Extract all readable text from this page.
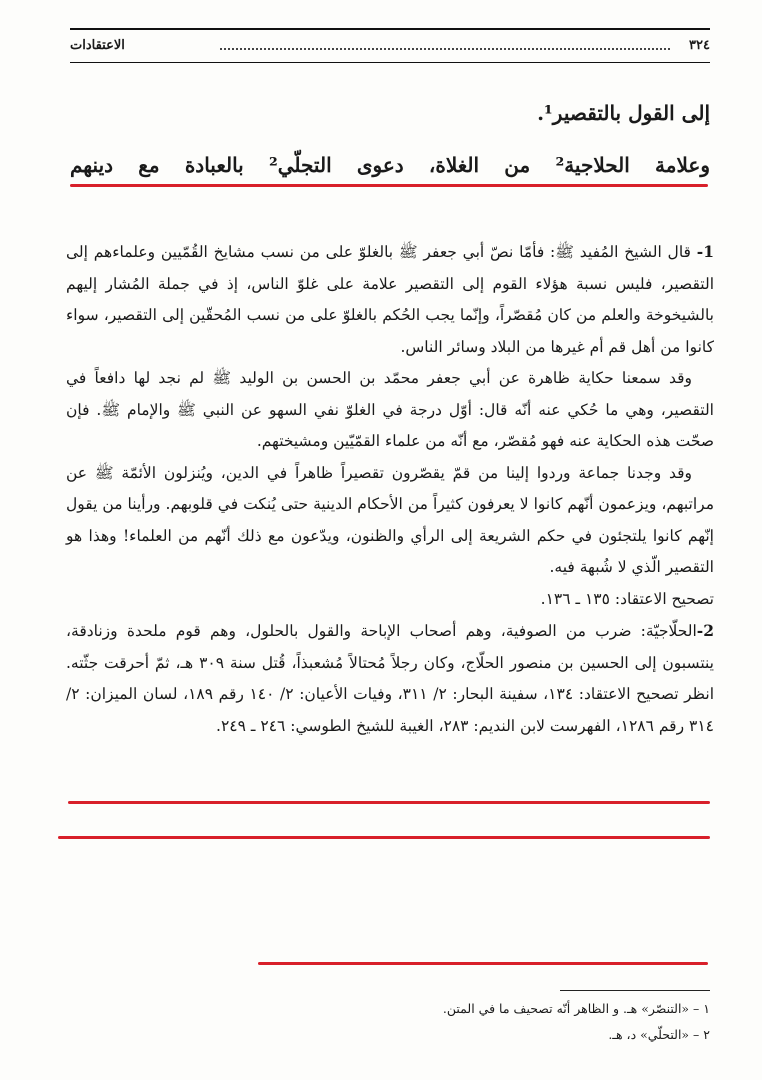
٣٢٤
الاعتقادات
إلى القول بالتقصير¹.
وعلامة الحلاجية² من الغلاة، دعوى التجلّي² بالعبادة مع دينهم

1- قال الشيخ المُفيد ﷺ: فأمّا نصّ أبي جعفر ﷺ بالغلوّ على من نسب مشايخ القُمّيين وعلماءهم إلى التقصير، فليس نسبة هؤلاء القوم إلى التقصير علامة على غلوّ الناس، إذ في جملة المُشار إليهم بالشيخوخة والعلم من كان مُقصّراً، وإنّما يجب الحُكم بالغلوّ على من نسب المُحقّين إلى التقصير، سواء كانوا من أهل قم أم غيرها من البلاد وسائر الناس.

وقد سمعنا حكاية ظاهرة عن أبي جعفر محمّد بن الحسن بن الوليد ﷺ لم نجد لها دافعاً في التقصير، وهي ما حُكي عنه أنّه قال: أوّل درجة في الغلوّ نفي السهو عن النبي ﷺ والإمام ﷺ. فإن صحّت هذه الحكاية عنه فهو مُقصّر، مع أنّه من علماء القمّيّين ومشيختهم.

وقد وجدنا جماعة وردوا إلينا من قمّ يقصّرون تقصيراً ظاهراً في الدين، ويُنزلون الأئمّة ﷺ عن مراتبهم، ويزعمون أنّهم كانوا لا يعرفون كثيراً من الأحكام الدينية حتى يُنكت في قلوبهم. ورأينا من يقول إنّهم كانوا يلتجئون في حكم الشريعة إلى الرأي والظنون، ويدّعون مع ذلك أنّهم من العلماء! وهذا هو التقصير الّذي لا شُبهة فيه.

تصحيح الاعتقاد: ١٣٥ ـ ١٣٦.

2-الحلّاجيّة: ضرب من الصوفية، وهم أصحاب الإباحة والقول بالحلول، وهم قوم ملحدة وزنادقة، ينتسبون إلى الحسين بن منصور الحلّاج، وكان رجلاً مُحتالاً مُشعبذاً، قُتل سنة ٣٠٩ هـ، ثمّ أحرقت جثّته. انظر تصحيح الاعتقاد: ١٣٤، سفينة البحار: ٢/ ٣١١، وفيات الأعيان: ٢/ ١٤٠ رقم ١٨٩، لسان الميزان: ٢/ ٣١٤ رقم ١٢٨٦، الفهرست لابن النديم: ٢٨٣، الغيبة للشيخ الطوسي: ٢٤٦ ـ ٢٤٩.

١ – «التنصّر» هـ. و الظاهر أنّه تصحيف ما في المتن.

٢ – «التحلّي» د، هـ.
